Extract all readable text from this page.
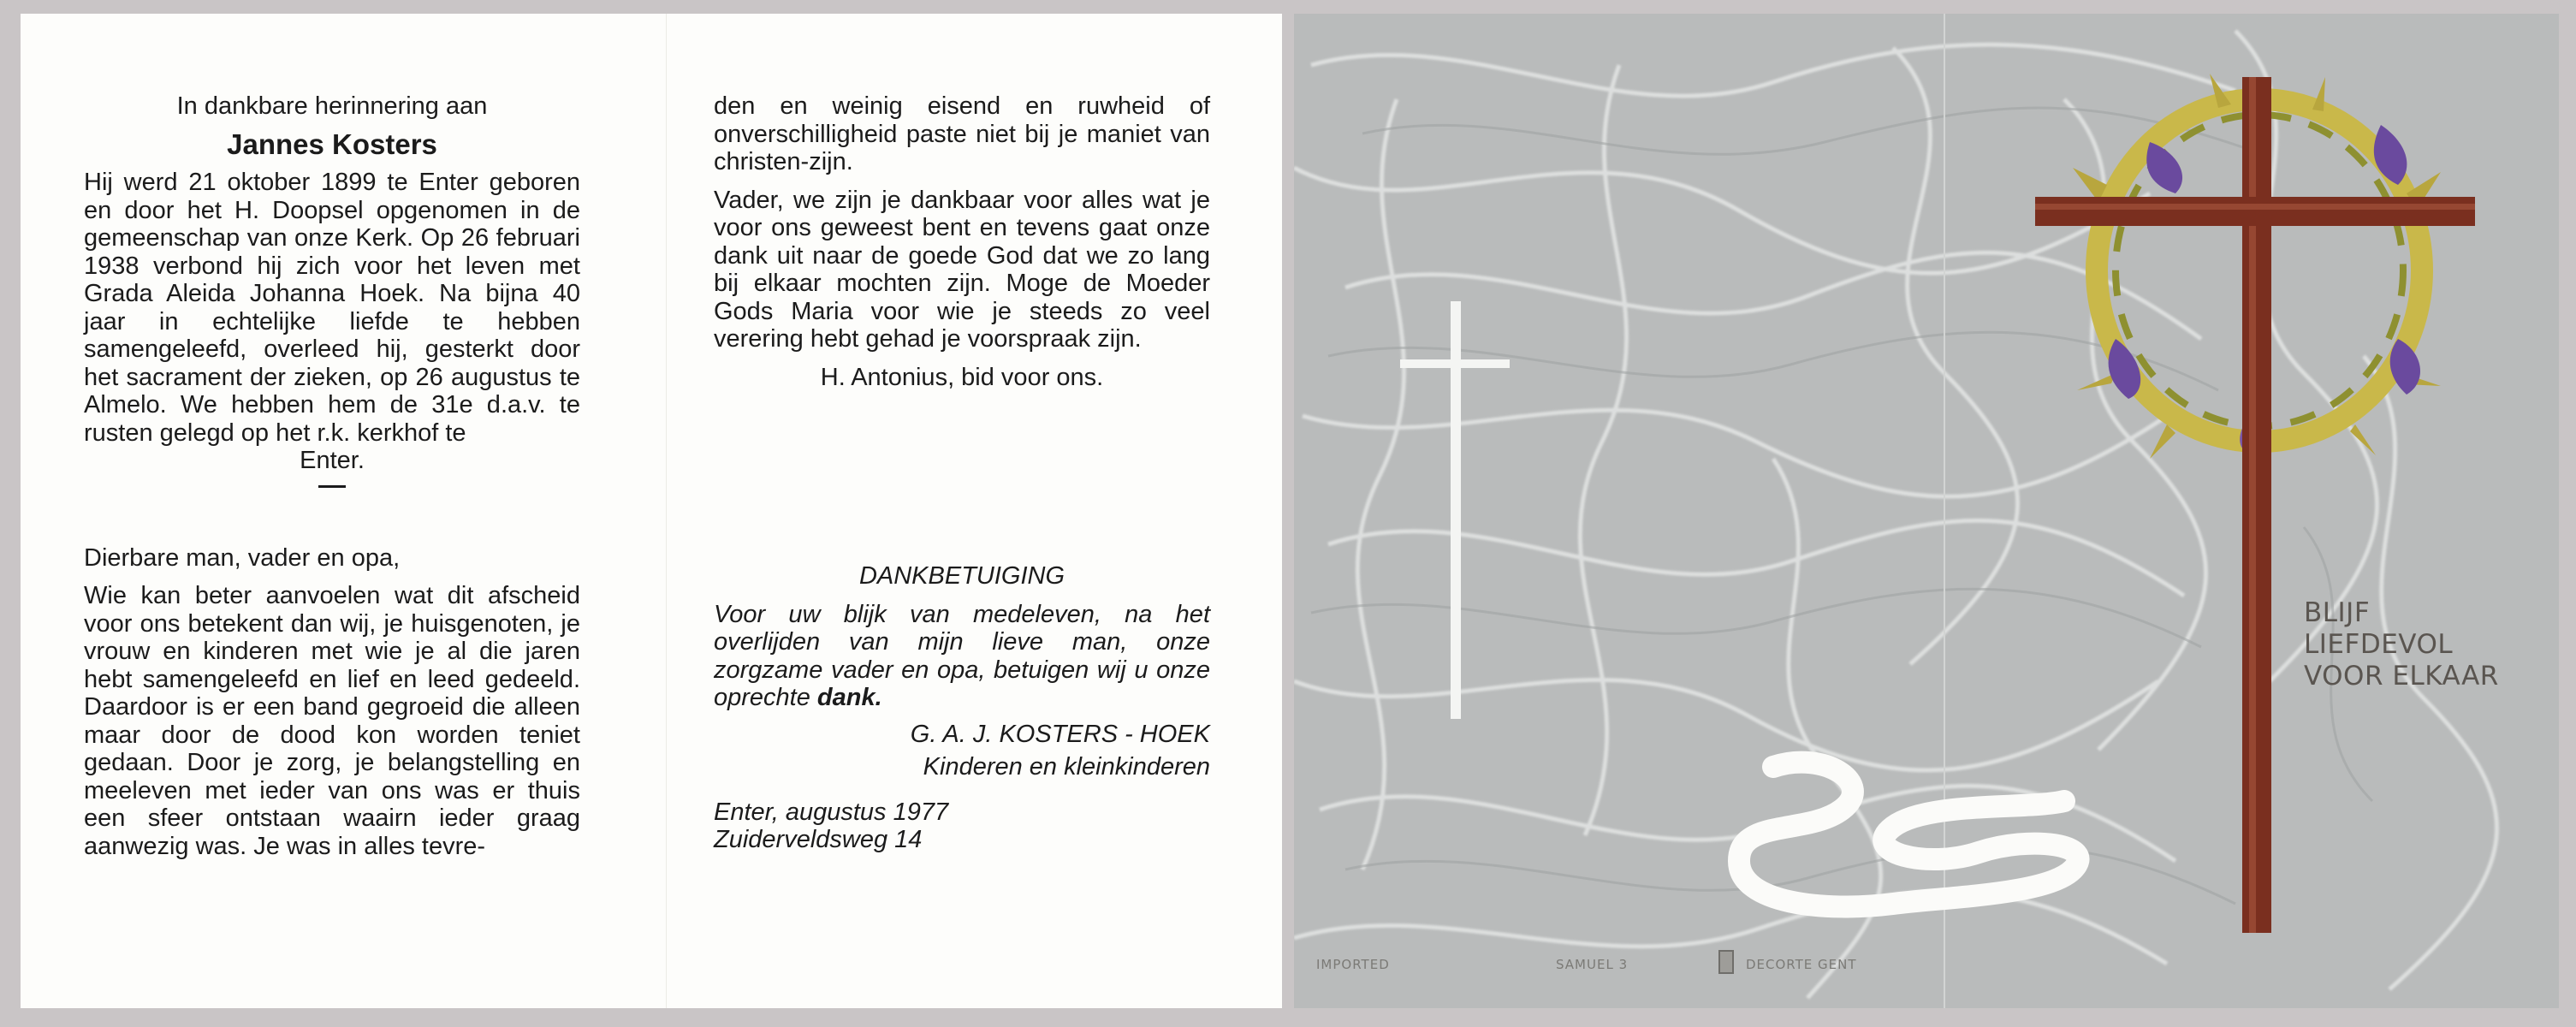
In dankbare herinnering aan
Jannes Kosters
Hij werd 21 oktober 1899 te Enter geboren en door het H. Doopsel opgenomen in de gemeenschap van onze Kerk. Op 26 februari 1938 verbond hij zich voor het leven met Grada Aleida Johanna Hoek. Na bijna 40 jaar in echtelijke liefde te hebben samengeleefd, overleed hij, gesterkt door het sacrament der zieken, op 26 augustus te Almelo. We hebben hem de 31e d.a.v. te rusten gelegd op het r.k. kerkhof te
Enter.
Dierbare man, vader en opa,
Wie kan beter aanvoelen wat dit afscheid voor ons betekent dan wij, je huisgenoten, je vrouw en kinderen met wie je al die jaren hebt samengeleefd en lief en leed gedeeld. Daardoor is er een band gegroeid die alleen maar door de dood kon worden teniet gedaan. Door je zorg, je belangstelling en meeleven met ieder van ons was er thuis een sfeer ontstaan waairn ieder graag aanwezig was. Je was in alles tevre-
den en weinig eisend en ruwheid of onverschilligheid paste niet bij je maniet van christen-zijn.
Vader, we zijn je dankbaar voor alles wat je voor ons geweest bent en tevens gaat onze dank uit naar de goede God dat we zo lang bij elkaar mochten zijn. Moge de Moeder Gods Maria voor wie je steeds zo veel verering hebt gehad je voorspraak zijn.
H. Antonius, bid voor ons.
DANKBETUIGING
Voor uw blijk van medeleven, na het overlijden van mijn lieve man, onze zorgzame vader en opa, betuigen wij u onze oprechte dank.
G. A. J. KOSTERS - HOEK
Kinderen en kleinkinderen
Enter, augustus 1977
Zuiderveldsweg 14
BLIJF
LIEFDEVOL
VOOR ELKAAR
IMPORTED	SAMUEL 3	DECORTE GENT
